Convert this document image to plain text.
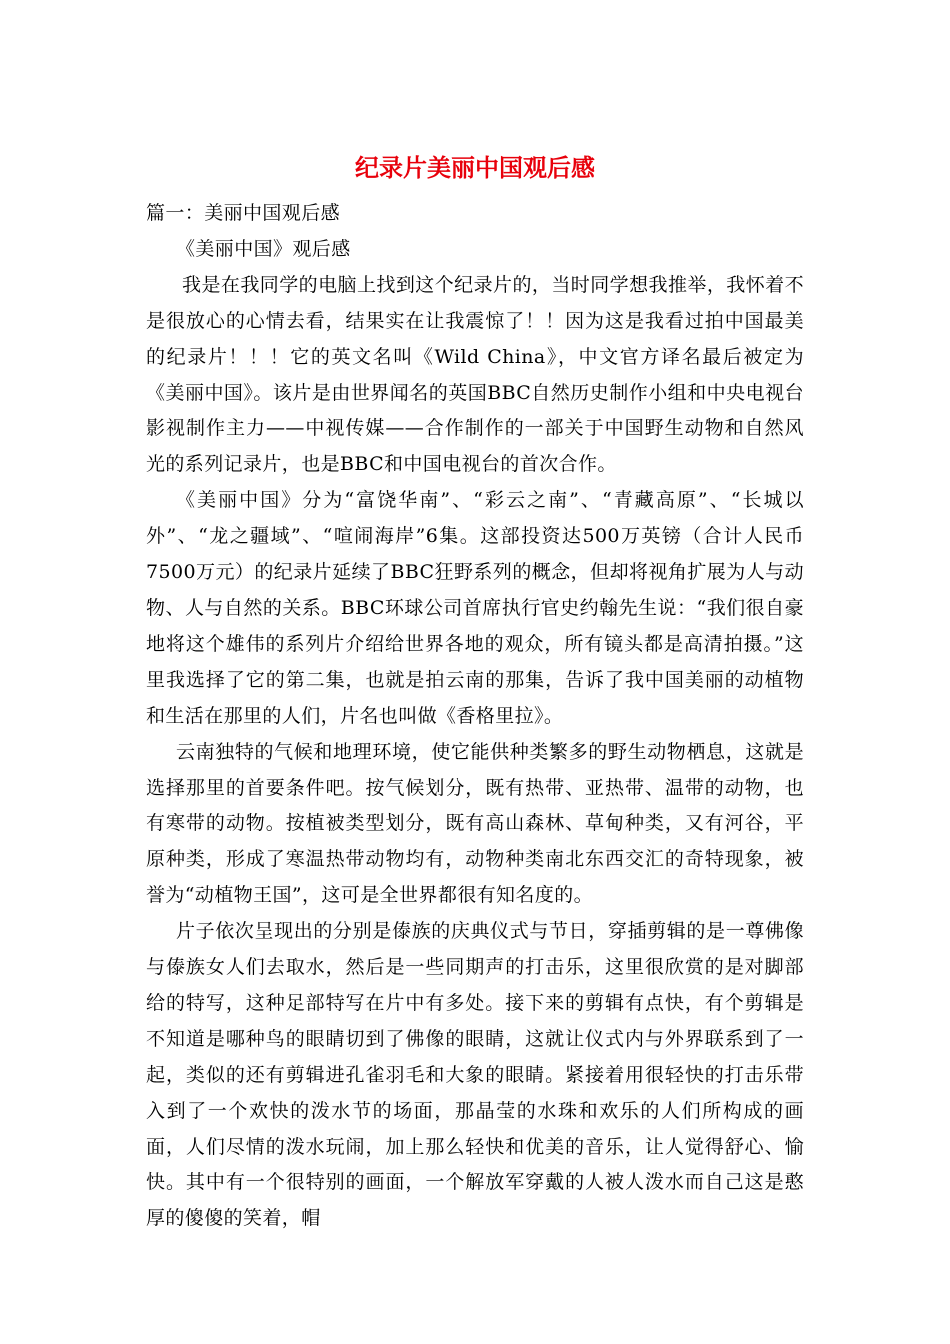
纪录片美丽中国观后感

篇一：美丽中国观后感

《美丽中国》观后感

我是在我同学的电脑上找到这个纪录片的，当时同学想我推举，我怀着不是很放心的心情去看，结果实在让我震惊了！！因为这是我看过拍中国最美的纪录片！！！它的英文名叫《Wild China》，中文官方译名最后被定为《美丽中国》。该片是由世界闻名的英国BBC自然历史制作小组和中央电视台影视制作主力——中视传媒——合作制作的一部关于中国野生动物和自然风光的系列记录片，也是BBC和中国电视台的首次合作。

《美丽中国》分为“富饶华南”、“彩云之南”、“青藏高原”、“长城以外”、“龙之疆域”、“喧闹海岸”6集。这部投资达500万英镑（合计人民币7500万元）的纪录片延续了BBC狂野系列的概念，但却将视角扩展为人与动物、人与自然的关系。BBC环球公司首席执行官史约翰先生说：“我们很自豪地将这个雄伟的系列片介绍给世界各地的观众，所有镜头都是高清拍摄。”这里我选择了它的第二集，也就是拍云南的那集，告诉了我中国美丽的动植物和生活在那里的人们，片名也叫做《香格里拉》。

云南独特的气候和地理环境，使它能供种类繁多的野生动物栖息，这就是选择那里的首要条件吧。按气候划分，既有热带、亚热带、温带的动物，也有寒带的动物。按植被类型划分，既有高山森林、草甸种类，又有河谷，平原种类，形成了寒温热带动物均有，动物种类南北东西交汇的奇特现象，被誉为“动植物王国”，这可是全世界都很有知名度的。

片子依次呈现出的分别是傣族的庆典仪式与节日，穿插剪辑的是一尊佛像与傣族女人们去取水，然后是一些同期声的打击乐，这里很欣赏的是对脚部给的特写，这种足部特写在片中有多处。接下来的剪辑有点快，有个剪辑是不知道是哪种鸟的眼睛切到了佛像的眼睛，这就让仪式内与外界联系到了一起，类似的还有剪辑进孔雀羽毛和大象的眼睛。紧接着用很轻快的打击乐带入到了一个欢快的泼水节的场面，那晶莹的水珠和欢乐的人们所构成的画面，人们尽情的泼水玩闹，加上那么轻快和优美的音乐，让人觉得舒心、愉快。其中有一个很特别的画面，一个解放军穿戴的人被人泼水而自己这是憨厚的傻傻的笑着，帽
